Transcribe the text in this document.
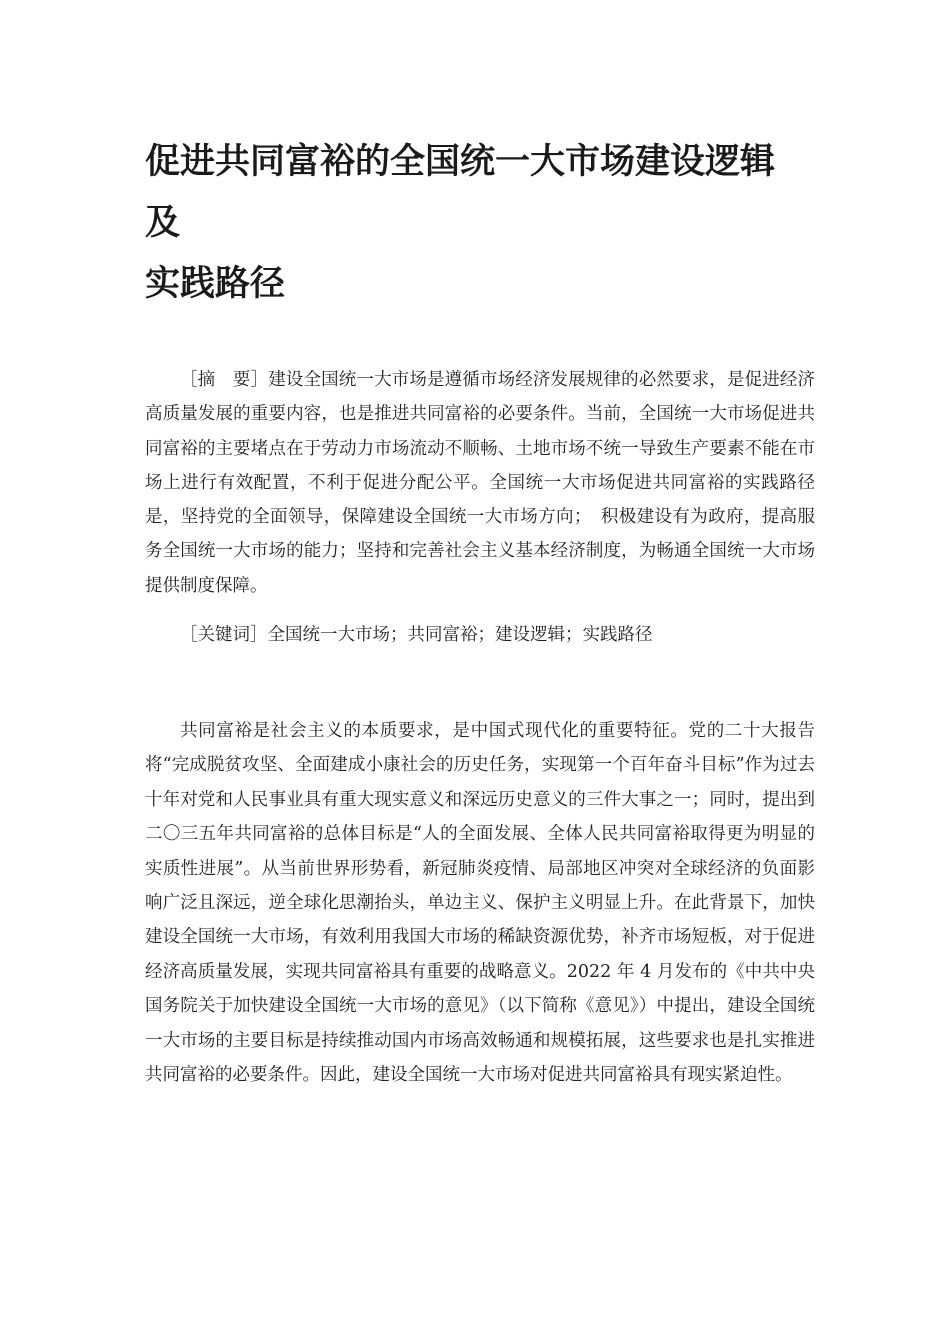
促进共同富裕的全国统一大市场建设逻辑
及
实践路径

［摘　要］建设全国统一大市场是遵循市场经济发展规律的必然要求，是促进经济高质量发展的重要内容，也是推进共同富裕的必要条件。当前，全国统一大市场促进共同富裕的主要堵点在于劳动力市场流动不顺畅、土地市场不统一导致生产要素不能在市场上进行有效配置，不利于促进分配公平。全国统一大市场促进共同富裕的实践路径是，坚持党的全面领导，保障建设全国统一大市场方向；　积极建设有为政府，提高服务全国统一大市场的能力；坚持和完善社会主义基本经济制度，为畅通全国统一大市场提供制度保障。

［关键词］全国统一大市场；共同富裕；建设逻辑；实践路径

共同富裕是社会主义的本质要求，是中国式现代化的重要特征。党的二十大报告将“完成脱贫攻坚、全面建成小康社会的历史任务，实现第一个百年奋斗目标”作为过去十年对党和人民事业具有重大现实意义和深远历史意义的三件大事之一；同时，提出到二〇三五年共同富裕的总体目标是“人的全面发展、全体人民共同富裕取得更为明显的实质性进展”。从当前世界形势看，新冠肺炎疫情、局部地区冲突对全球经济的负面影响广泛且深远，逆全球化思潮抬头，单边主义、保护主义明显上升。在此背景下，加快建设全国统一大市场，有效利用我国大市场的稀缺资源优势，补齐市场短板，对于促进经济高质量发展，实现共同富裕具有重要的战略意义。2022 年 4 月发布的《中共中央 国务院关于加快建设全国统一大市场的意见》（以下简称《意见》）中提出，建设全国统一大市场的主要目标是持续推动国内市场高效畅通和规模拓展，这些要求也是扎实推进共同富裕的必要条件。因此，建设全国统一大市场对促进共同富裕具有现实紧迫性。
